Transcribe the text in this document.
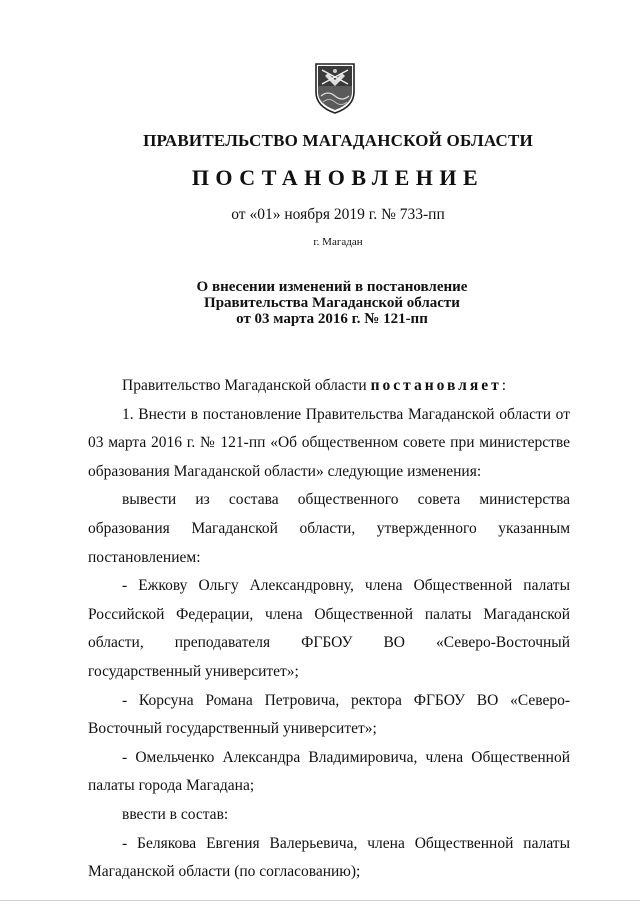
ПРАВИТЕЛЬСТВО МАГАДАНСКОЙ ОБЛАСТИ
ПОСТАНОВЛЕНИЕ
от «01» ноября 2019 г. № 733-пп
г. Магадан
О внесении изменений в постановление
Правительства Магаданской области
от 03 марта 2016 г. № 121-пп

Правительство Магаданской области постановляет:

1. Внести в постановление Правительства Магаданской области от 03 марта 2016 г. № 121-пп «Об общественном совете при министерстве образования Магаданской области» следующие изменения:

вывести из состава общественного совета министерства образования Магаданской области, утвержденного указанным постановлением:

- Ежкову Ольгу Александровну, члена Общественной палаты Российской Федерации, члена Общественной палаты Магаданской области, преподавателя ФГБОУ ВО «Северо-Восточный государственный университет»;

- Корсуна Романа Петровича, ректора ФГБОУ ВО «Северо-Восточный государственный университет»;

- Омельченко Александра Владимировича, члена Общественной палаты города Магадана;

ввести в состав:

- Белякова Евгения Валерьевича, члена Общественной палаты Магаданской области (по согласованию);
